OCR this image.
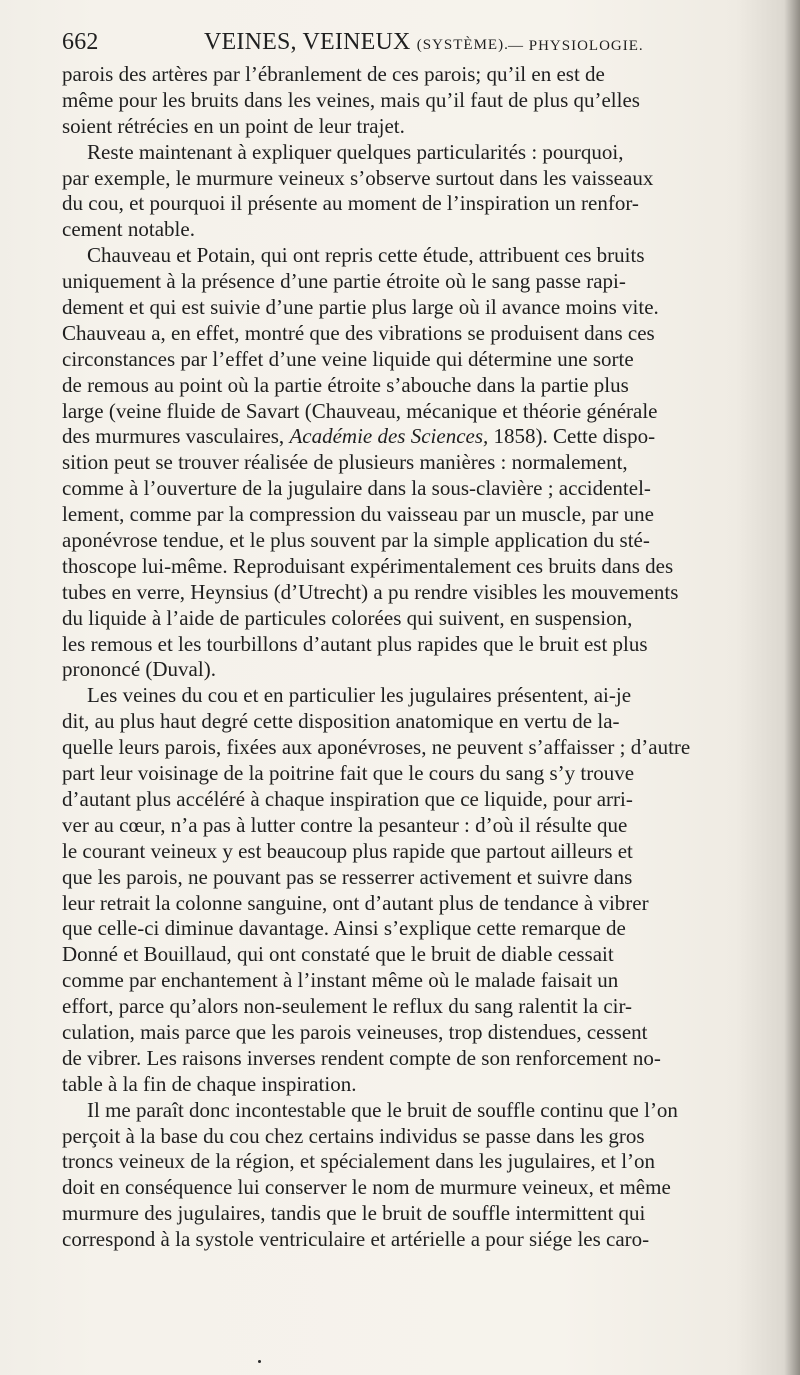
662	VEINES, VEINEUX (SYSTÈME). — PHYSIOLOGIE.
parois des artères par l’ébranlement de ces parois; qu’il en est de
même pour les bruits dans les veines, mais qu’il faut de plus qu’elles
soient rétrécies en un point de leur trajet.
Reste maintenant à expliquer quelques particularités : pourquoi,
par exemple, le murmure veineux s’observe surtout dans les vaisseaux
du cou, et pourquoi il présente au moment de l’inspiration un renfor-
cement notable.
Chauveau et Potain, qui ont repris cette étude, attribuent ces bruits
uniquement à la présence d’une partie étroite où le sang passe rapi-
dement et qui est suivie d’une partie plus large où il avance moins vite.
Chauveau a, en effet, montré que des vibrations se produisent dans ces
circonstances par l’effet d’une veine liquide qui détermine une sorte
de remous au point où la partie étroite s’abouche dans la partie plus
large (veine fluide de Savart (Chauveau, mécanique et théorie générale
des murmures vasculaires, Académie des Sciences, 1858). Cette dispo-
sition peut se trouver réalisée de plusieurs manières : normalement,
comme à l’ouverture de la jugulaire dans la sous-clavière ; accidentel-
lement, comme par la compression du vaisseau par un muscle, par une
aponévrose tendue, et le plus souvent par la simple application du sté-
thoscope lui-même. Reproduisant expérimentalement ces bruits dans des
tubes en verre, Heynsius (d’Utrecht) a pu rendre visibles les mouvements
du liquide à l’aide de particules colorées qui suivent, en suspension,
les remous et les tourbillons d’autant plus rapides que le bruit est plus
prononcé (Duval).
Les veines du cou et en particulier les jugulaires présentent, ai-je
dit, au plus haut degré cette disposition anatomique en vertu de la-
quelle leurs parois, fixées aux aponévroses, ne peuvent s’affaisser ; d’autre
part leur voisinage de la poitrine fait que le cours du sang s’y trouve
d’autant plus accéléré à chaque inspiration que ce liquide, pour arri-
ver au cœur, n’a pas à lutter contre la pesanteur : d’où il résulte que
le courant veineux y est beaucoup plus rapide que partout ailleurs et
que les parois, ne pouvant pas se resserrer activement et suivre dans
leur retrait la colonne sanguine, ont d’autant plus de tendance à vibrer
que celle-ci diminue davantage. Ainsi s’explique cette remarque de
Donné et Bouillaud, qui ont constaté que le bruit de diable cessait
comme par enchantement à l’instant même où le malade faisait un
effort, parce qu’alors non-seulement le reflux du sang ralentit la cir-
culation, mais parce que les parois veineuses, trop distendues, cessent
de vibrer. Les raisons inverses rendent compte de son renforcement no-
table à la fin de chaque inspiration.
Il me paraît donc incontestable que le bruit de souffle continu que l’on
perçoit à la base du cou chez certains individus se passe dans les gros
troncs veineux de la région, et spécialement dans les jugulaires, et l’on
doit en conséquence lui conserver le nom de murmure veineux, et même
murmure des jugulaires, tandis que le bruit de souffle intermittent qui
correspond à la systole ventriculaire et artérielle a pour siége les caro-
